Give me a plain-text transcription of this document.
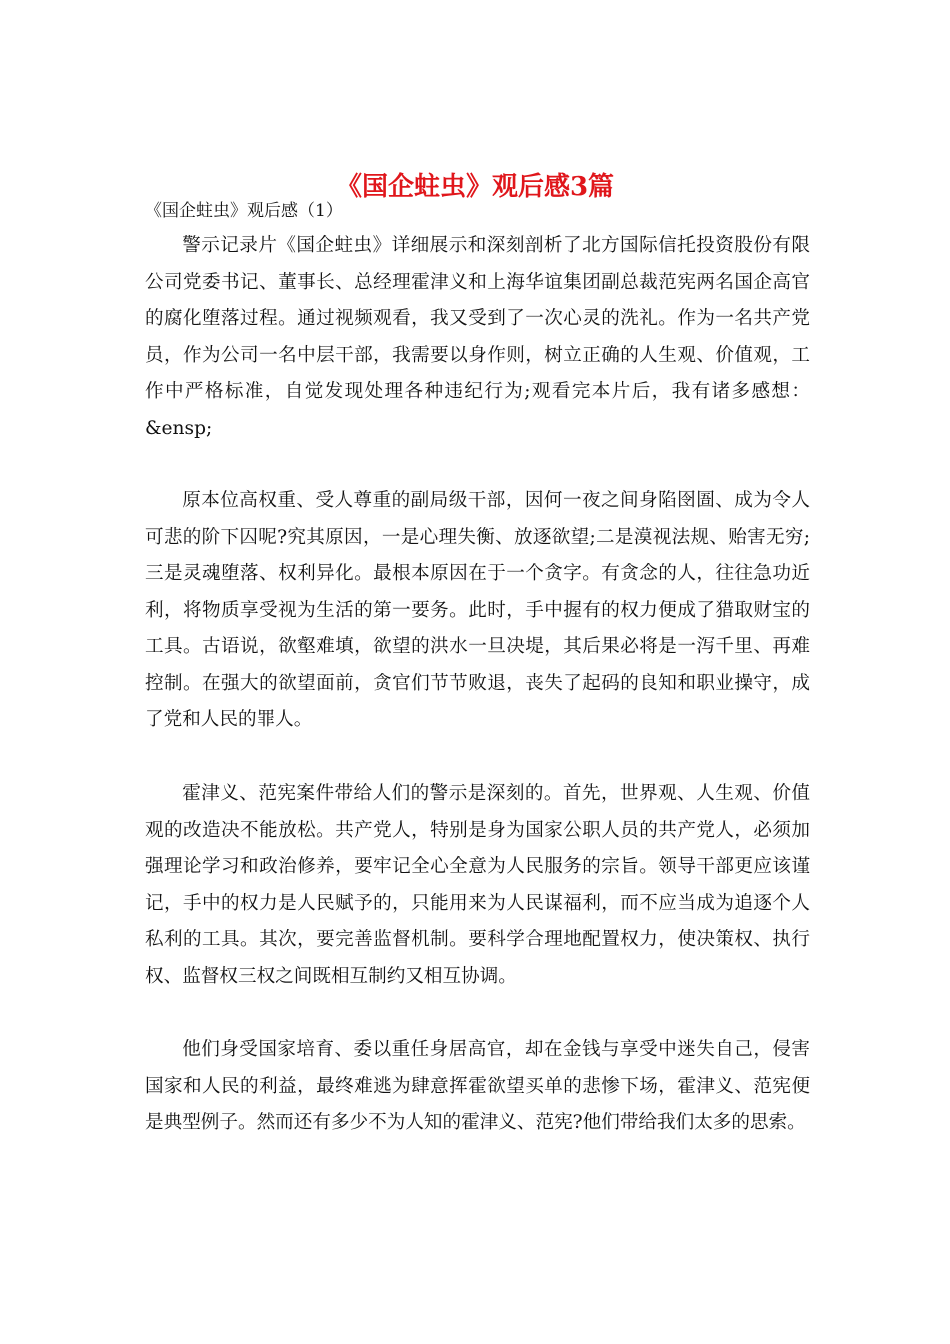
《国企蛀虫》观后感3篇
《国企蛀虫》观后感（1）

警示记录片《国企蛀虫》详细展示和深刻剖析了北方国际信托投资股份有限公司党委书记、董事长、总经理霍津义和上海华谊集团副总裁范宪两名国企高官的腐化堕落过程。通过视频观看，我又受到了一次心灵的洗礼。作为一名共产党员，作为公司一名中层干部，我需要以身作则，树立正确的人生观、价值观，工作中严格标准，自觉发现处理各种违纪行为;观看完本片后，我有诸多感想：&ensp;

原本位高权重、受人尊重的副局级干部，因何一夜之间身陷囹圄、成为令人可悲的阶下囚呢?究其原因，一是心理失衡、放逐欲望;二是漠视法规、贻害无穷;三是灵魂堕落、权利异化。最根本原因在于一个贪字。有贪念的人，往往急功近利，将物质享受视为生活的第一要务。此时，手中握有的权力便成了猎取财宝的工具。古语说，欲壑难填，欲望的洪水一旦决堤，其后果必将是一泻千里、再难控制。在强大的欲望面前，贪官们节节败退，丧失了起码的良知和职业操守，成了党和人民的罪人。

霍津义、范宪案件带给人们的警示是深刻的。首先，世界观、人生观、价值观的改造决不能放松。共产党人，特别是身为国家公职人员的共产党人，必须加强理论学习和政治修养，要牢记全心全意为人民服务的宗旨。领导干部更应该谨记，手中的权力是人民赋予的，只能用来为人民谋福利，而不应当成为追逐个人私利的工具。其次，要完善监督机制。要科学合理地配置权力，使决策权、执行权、监督权三权之间既相互制约又相互协调。

他们身受国家培育、委以重任身居高官，却在金钱与享受中迷失自己，侵害国家和人民的利益，最终难逃为肆意挥霍欲望买单的悲惨下场，霍津义、范宪便是典型例子。然而还有多少不为人知的霍津义、范宪?他们带给我们太多的思索。
